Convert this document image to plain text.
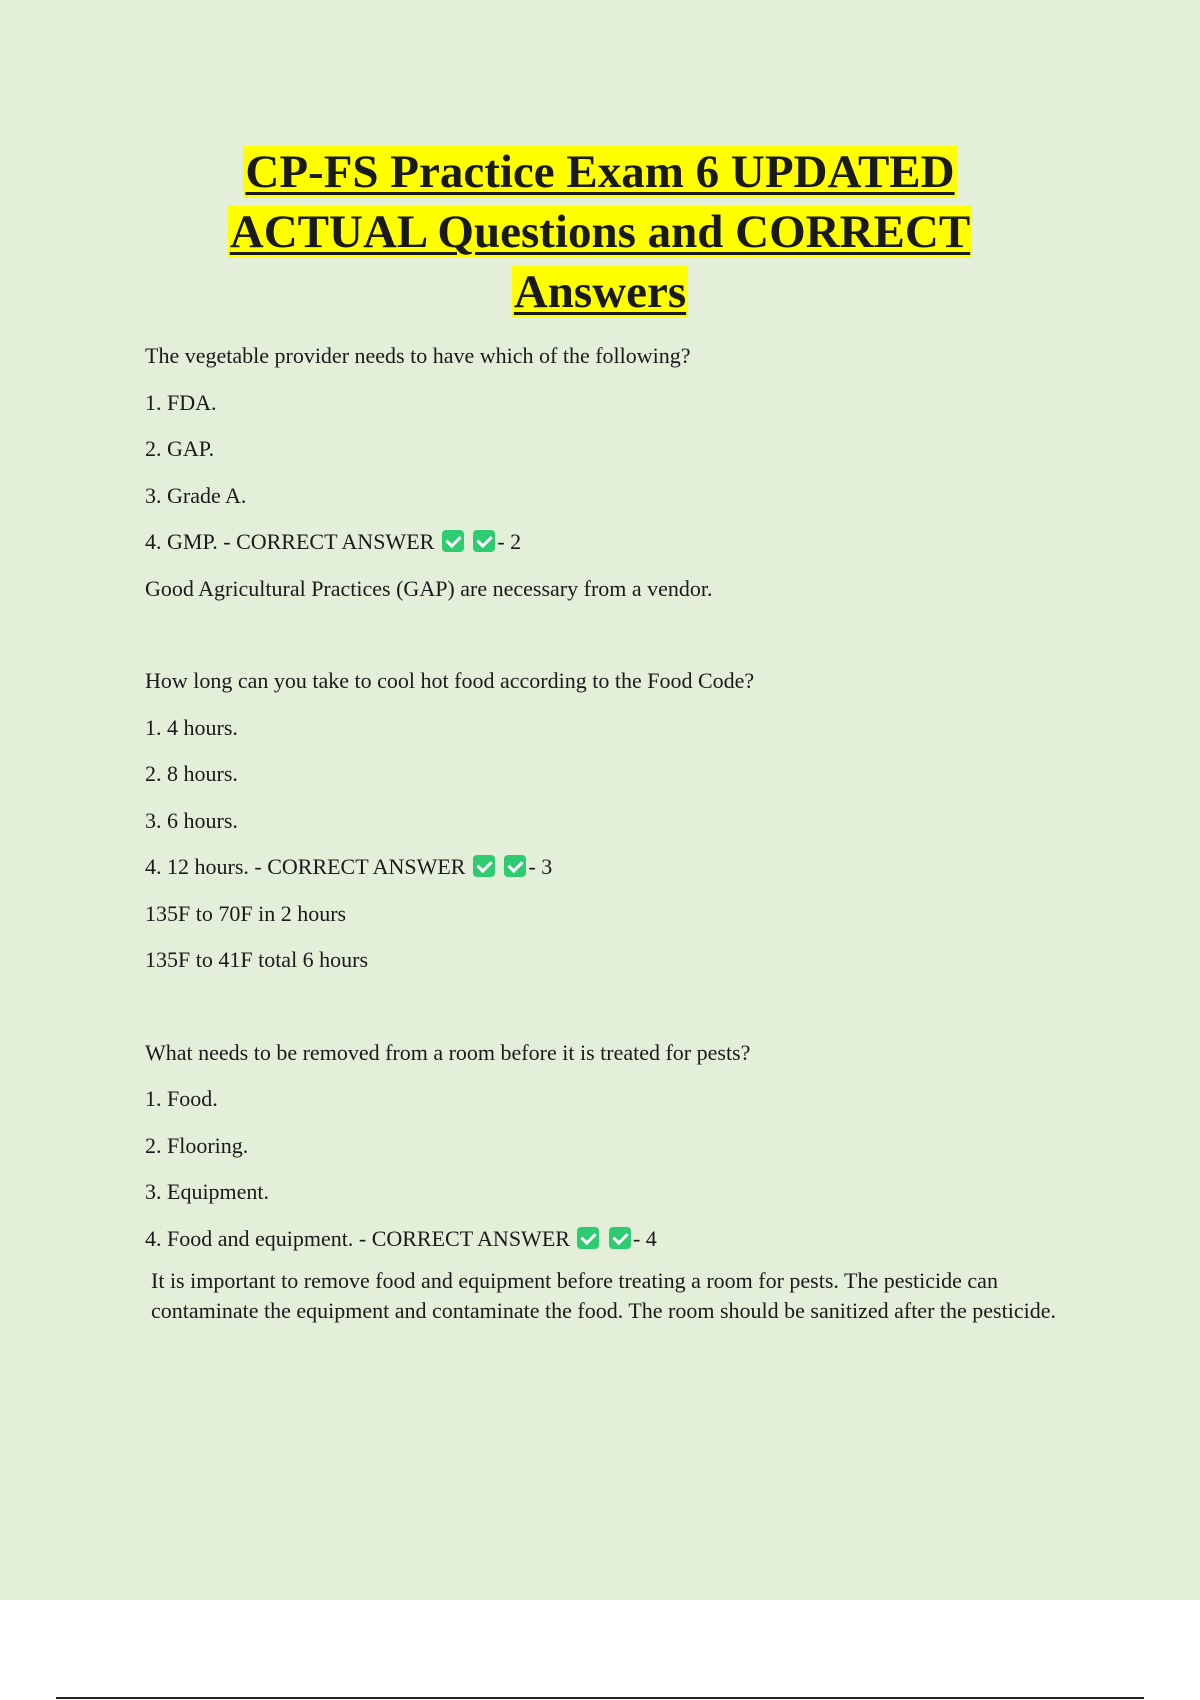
CP-FS Practice Exam 6 UPDATED
ACTUAL Questions and CORRECT
Answers
The vegetable provider needs to have which of the following?
1. FDA.
2. GAP.
3. Grade A.
4. GMP. - CORRECT ANSWER	- 2
Good Agricultural Practices (GAP) are necessary from a vendor.
How long can you take to cool hot food according to the Food Code?
1. 4 hours.
2. 8 hours.
3. 6 hours.
4. 12 hours. - CORRECT ANSWER	- 3
135F to 70F in 2 hours
135F to 41F total 6 hours
What needs to be removed from a room before it is treated for pests?
1. Food.
2. Flooring.
3. Equipment.
4. Food and equipment. - CORRECT ANSWER	- 4
It is important to remove food and equipment before treating a room for pests. The pesticide can contaminate the equipment and contaminate the food. The room should be sanitized after the pesticide.
